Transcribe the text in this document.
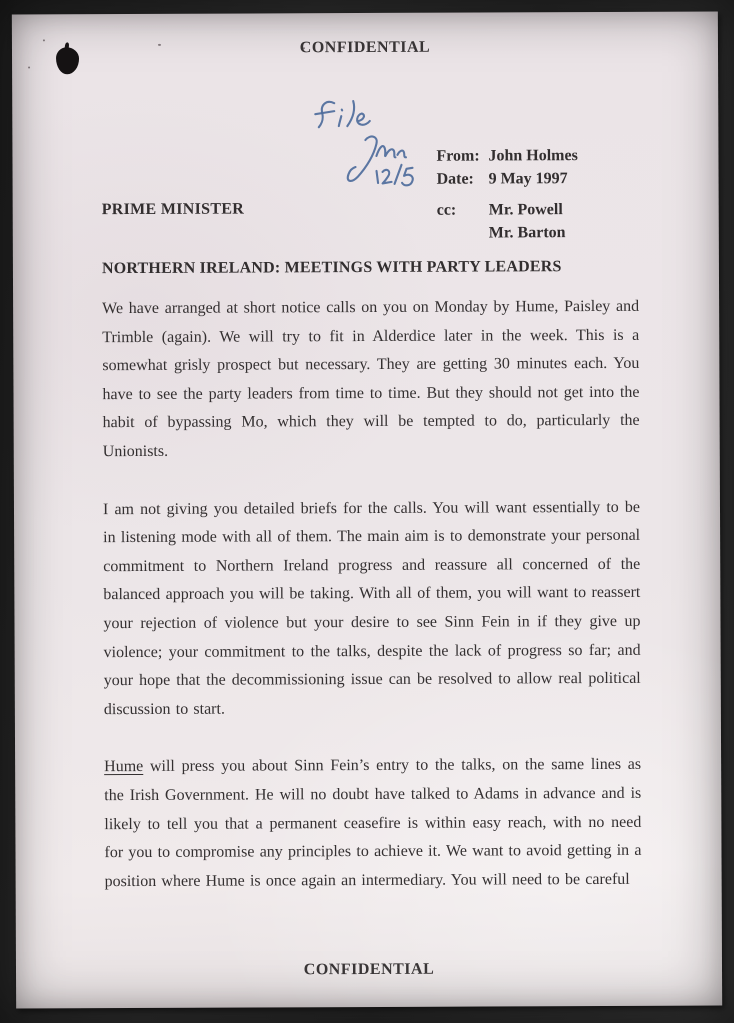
CONFIDENTIAL
From: John Holmes
Date: 9 May 1997
PRIME MINISTER	cc: Mr. Powell
Mr. Barton
NORTHERN IRELAND: MEETINGS WITH PARTY LEADERS

We have arranged at short notice calls on you on Monday by Hume, Paisley and Trimble (again). We will try to fit in Alderdice later in the week. This is a somewhat grisly prospect but necessary. They are getting 30 minutes each. You have to see the party leaders from time to time. But they should not get into the habit of bypassing Mo, which they will be tempted to do, particularly the Unionists.

I am not giving you detailed briefs for the calls. You will want essentially to be in listening mode with all of them. The main aim is to demonstrate your personal commitment to Northern Ireland progress and reassure all concerned of the balanced approach you will be taking. With all of them, you will want to reassert your rejection of violence but your desire to see Sinn Fein in if they give up violence; your commitment to the talks, despite the lack of progress so far; and your hope that the decommissioning issue can be resolved to allow real political discussion to start.

Hume will press you about Sinn Fein’s entry to the talks, on the same lines as the Irish Government. He will no doubt have talked to Adams in advance and is likely to tell you that a permanent ceasefire is within easy reach, with no need for you to compromise any principles to achieve it. We want to avoid getting in a position where Hume is once again an intermediary. You will need to be careful

CONFIDENTIAL
